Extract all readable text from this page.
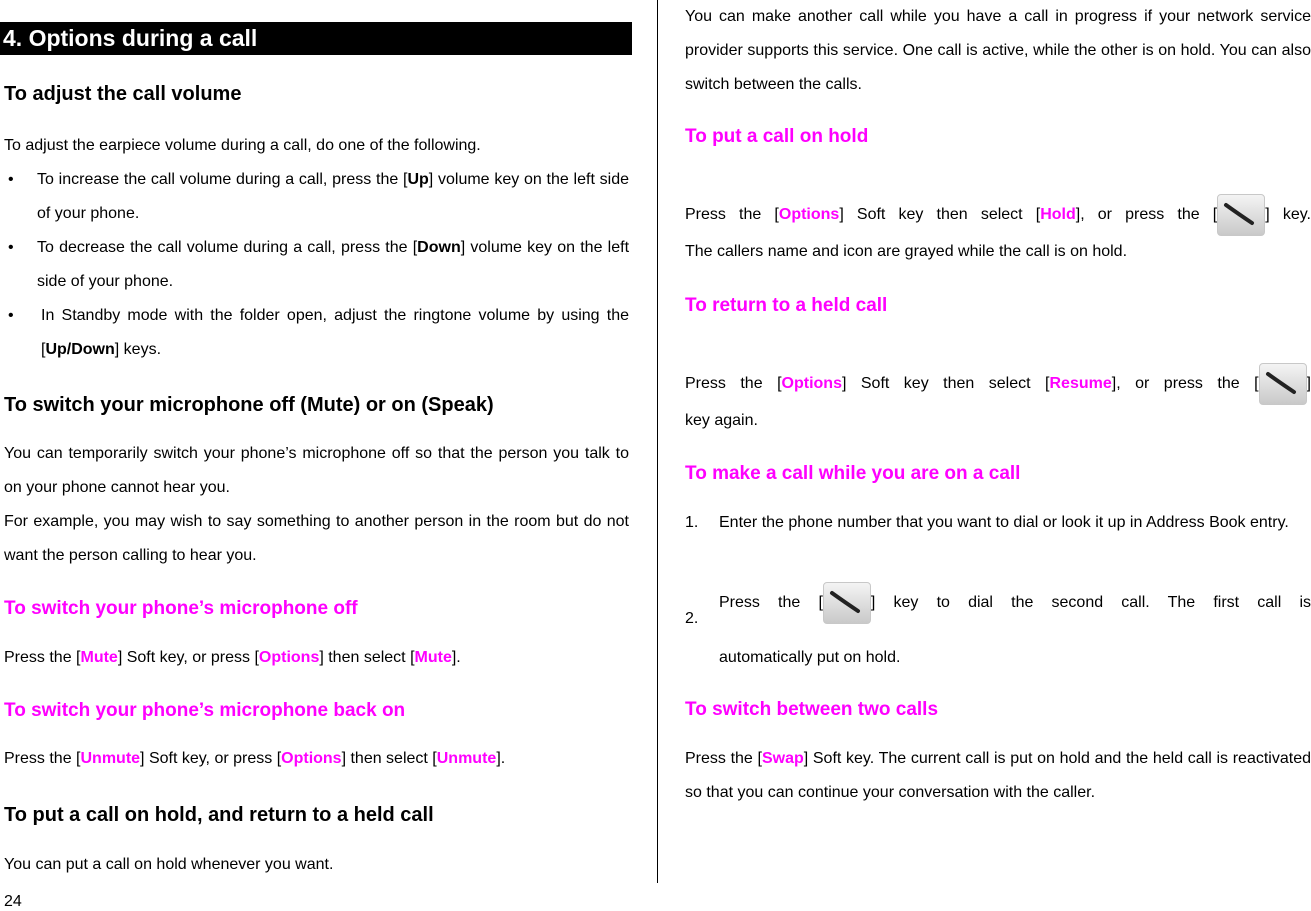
4. Options during a call
To adjust the call volume
To adjust the earpiece volume during a call, do one of the following.
• To increase the call volume during a call, press the [Up] volume key on the left side of your phone.
• To decrease the call volume during a call, press the [Down] volume key on the left side of your phone.
• In Standby mode with the folder open, adjust the ringtone volume by using the [Up/Down] keys.
To switch your microphone off (Mute) or on (Speak)
You can temporarily switch your phone’s microphone off so that the person you talk to on your phone cannot hear you.
For example, you may wish to say something to another person in the room but do not want the person calling to hear you.
To switch your phone’s microphone off
Press the [Mute] Soft key, or press [Options] then select [Mute].
To switch your phone’s microphone back on
Press the [Unmute] Soft key, or press [Options] then select [Unmute].
To put a call on hold, and return to a held call
You can put a call on hold whenever you want.
24
You can make another call while you have a call in progress if your network service provider supports this service. One call is active, while the other is on hold. You can also switch between the calls.
To put a call on hold
Press the [Options] Soft key then select [Hold], or press the [	] key.
The callers name and icon are grayed while the call is on hold.
To return to a held call
Press the [Options] Soft key then select [Resume], or press the [	]
key again.
To make a call while you are on a call
1. Enter the phone number that you want to dial or look it up in Address Book entry.
2.
Press the [	] key to dial the second call. The first call is
automatically put on hold.
To switch between two calls
Press the [Swap] Soft key. The current call is put on hold and the held call is reactivated so that you can continue your conversation with the caller.
